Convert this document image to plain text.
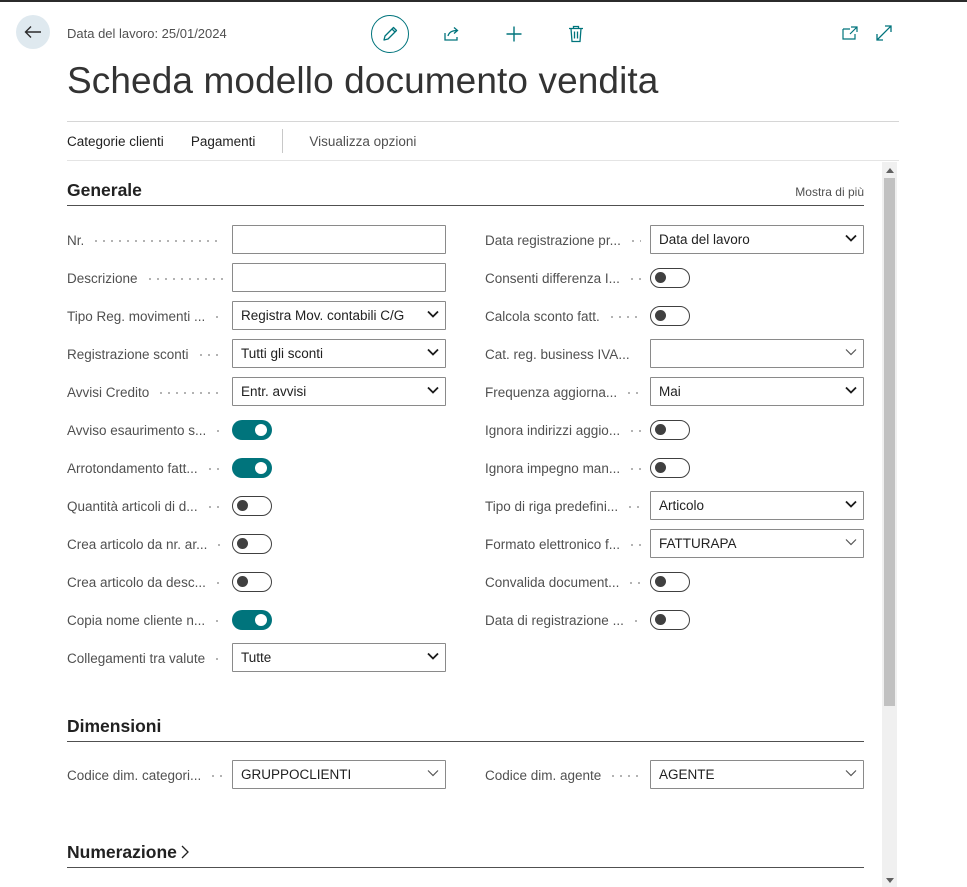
Data del lavoro: 25/01/2024
Scheda modello documento vendita
Categorie clienti Pagamenti	Visualizza opzioni
Generale	Mostra di più
Nr.
Descrizione
Tipo Reg. movimenti ...	Registra Mov. contabili C/G
Registrazione sconti	Tutti gli sconti
Avvisi Credito	Entr. avvisi
Avviso esaurimento s...
Arrotondamento fatt...
Quantità articoli di d...
Crea articolo da nr. ar...
Crea articolo da desc...
Copia nome cliente n...
Collegamenti tra valute	Tutte
Data registrazione pr...	Data del lavoro
Consenti differenza I...
Calcola sconto fatt.
Cat. reg. business IVA...
Frequenza aggiorna...	Mai
Ignora indirizzi aggio...
Ignora impegno man...
Tipo di riga predefini...	Articolo
Formato elettronico f...	FATTURAPA
Convalida document...
Data di registrazione ...
Dimensioni
Codice dim. categori...	GRUPPOCLIENTI	Codice dim. agente	AGENTE
Numerazione
